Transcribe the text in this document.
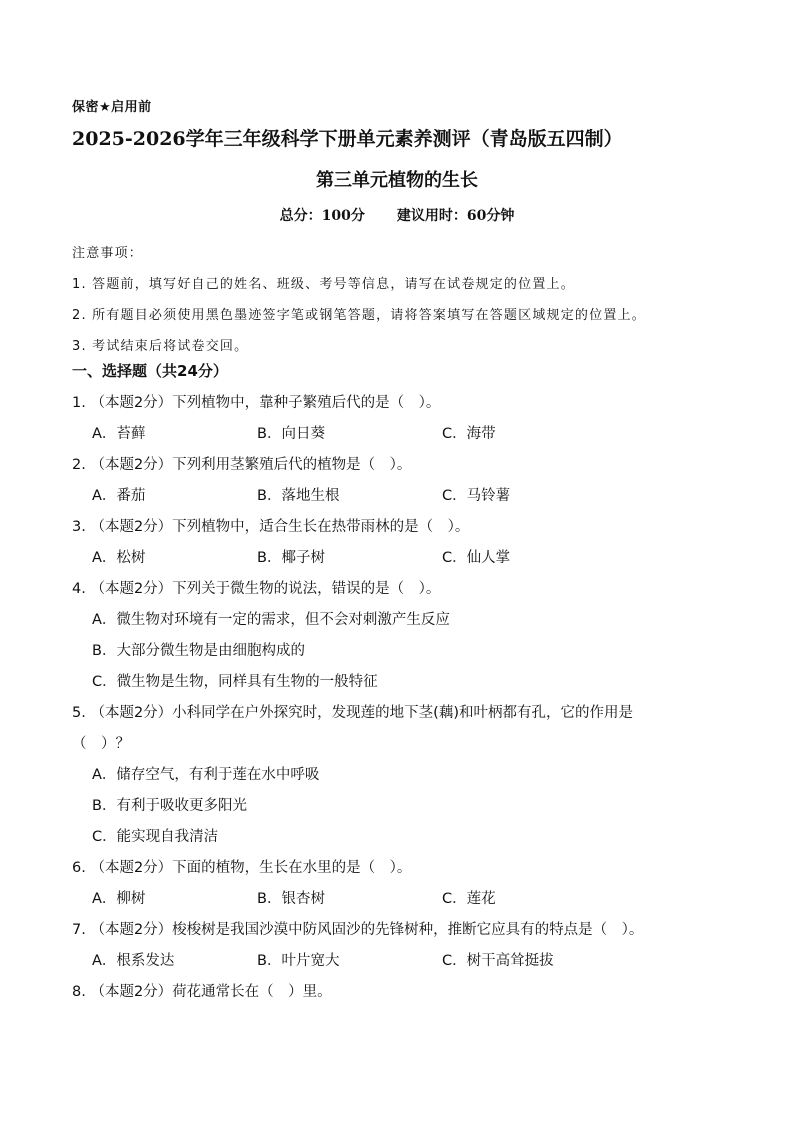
保密★启用前
2025-2026学年三年级科学下册单元素养测评（青岛版五四制）
第三单元植物的生长
总分：100分 建议用时：60分钟
注意事项：
1. 答题前，填写好自己的姓名、班级、考号等信息，请写在试卷规定的位置上。
2. 所有题目必须使用黑色墨迹签字笔或钢笔答题，请将答案填写在答题区域规定的位置上。
3. 考试结束后将试卷交回。
一、选择题（共24分）
1. （本题2分）下列植物中，靠种子繁殖后代的是（　）。
A．苔藓	B．向日葵	C．海带
2. （本题2分）下列利用茎繁殖后代的植物是（　）。
A．番茄	B．落地生根	C．马铃薯
3. （本题2分）下列植物中，适合生长在热带雨林的是（　）。
A．松树	B．椰子树	C．仙人掌
4. （本题2分）下列关于微生物的说法，错误的是（　）。
A．微生物对环境有一定的需求，但不会对刺激产生反应
B．大部分微生物是由细胞构成的
C．微生物是生物，同样具有生物的一般特征
5. （本题2分）小科同学在户外探究时，发现莲的地下茎(藕)和叶柄都有孔，它的作用是
（　）？
A．储存空气，有利于莲在水中呼吸
B．有利于吸收更多阳光
C．能实现自我清洁
6. （本题2分）下面的植物，生长在水里的是（　）。
A．柳树	B．银杏树	C．莲花
7. （本题2分）梭梭树是我国沙漠中防风固沙的先锋树种，推断它应具有的特点是（　）。
A．根系发达	B．叶片宽大	C．树干高耸挺拔
8. （本题2分）荷花通常长在（　）里。
